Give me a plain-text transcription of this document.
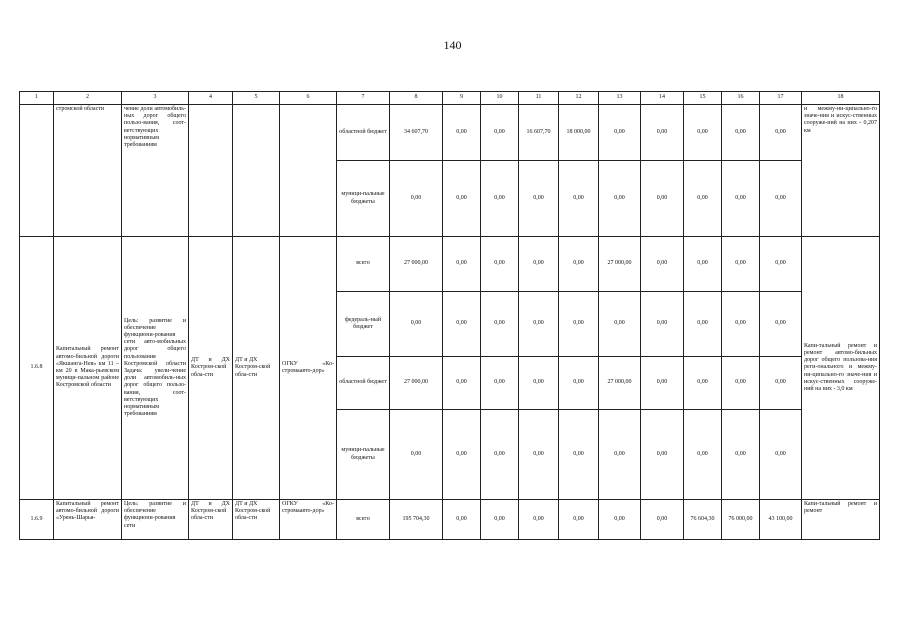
140
1	2	3	4	5	6	7	8	9	10	11	12	13	14	15	16	17	18
	стромской области	чение доли автомобиль-ных дорог общего пользо-вания, соот-ветствующих нормативным требованиям				областной бюджет	34 607,70	0,00	0,00	16 607,70	18 000,00	0,00	0,00	0,00	0,00	0,00	и межму-ни-ципально-го значе-ния и искус-ственных сооруже-ний на них - 0,207 км
						муници-пальные бюджеты	0,00	0,00	0,00	0,00	0,00	0,00	0,00	0,00	0,00	0,00	
1.6.8	Капитальный ремонт автомо-бильной дороги «Якшанга-Нея» км 11 – км 20 в Мака-рьевском муници-пальном районе Костромской области	Цель: развитие и обеспечение функциони-рования сети авто-мобильных дорог общего пользования Костромской области Задача: увели-чение доли автомобиль-ных дорог общего пользо-вания, соот-ветствующих нормативным требованиям	ДТ и ДХ Костром-ской обла-сти	ДТ и ДХ Костром-ской обла-сти	ОГКУ «Ко-стромаавто-дор»	всего	27 000,00	0,00	0,00	0,00	0,00	27 000,00	0,00	0,00	0,00	0,00	Капи-тальный ремонт и ремонт автомо-бильных дорог общего пользова-ния реги-онального и межму-ни-ципально-го значе-ния и искус-ственных сооруже-ний на них - 3,0 км
						федераль-ный бюджет	0,00	0,00	0,00	0,00	0,00	0,00	0,00	0,00	0,00	0,00	
						областной бюджет	27 000,00	0,00	0,00	0,00	0,00	27 000,00	0,00	0,00	0,00	0,00	
						муници-пальные бюджеты	0,00	0,00	0,00	0,00	0,00	0,00	0,00	0,00	0,00	0,00	
1.6.9	Капитальный ремонт автомо-бильной дороги «Урень-Шарья-	Цель: развитие и обеспечение функциони-рования сети	ДТ и ДХ Костром-ской обла-сти	ДТ и ДХ Костром-ской обла-сти	ОГКУ «Ко-стромаавто-дор»	всего	195 704,30	0,00	0,00	0,00	0,00	0,00	0,00	76 604,30	76 000,00	43 100,00	Капи-тальный ремонт и ремонт
